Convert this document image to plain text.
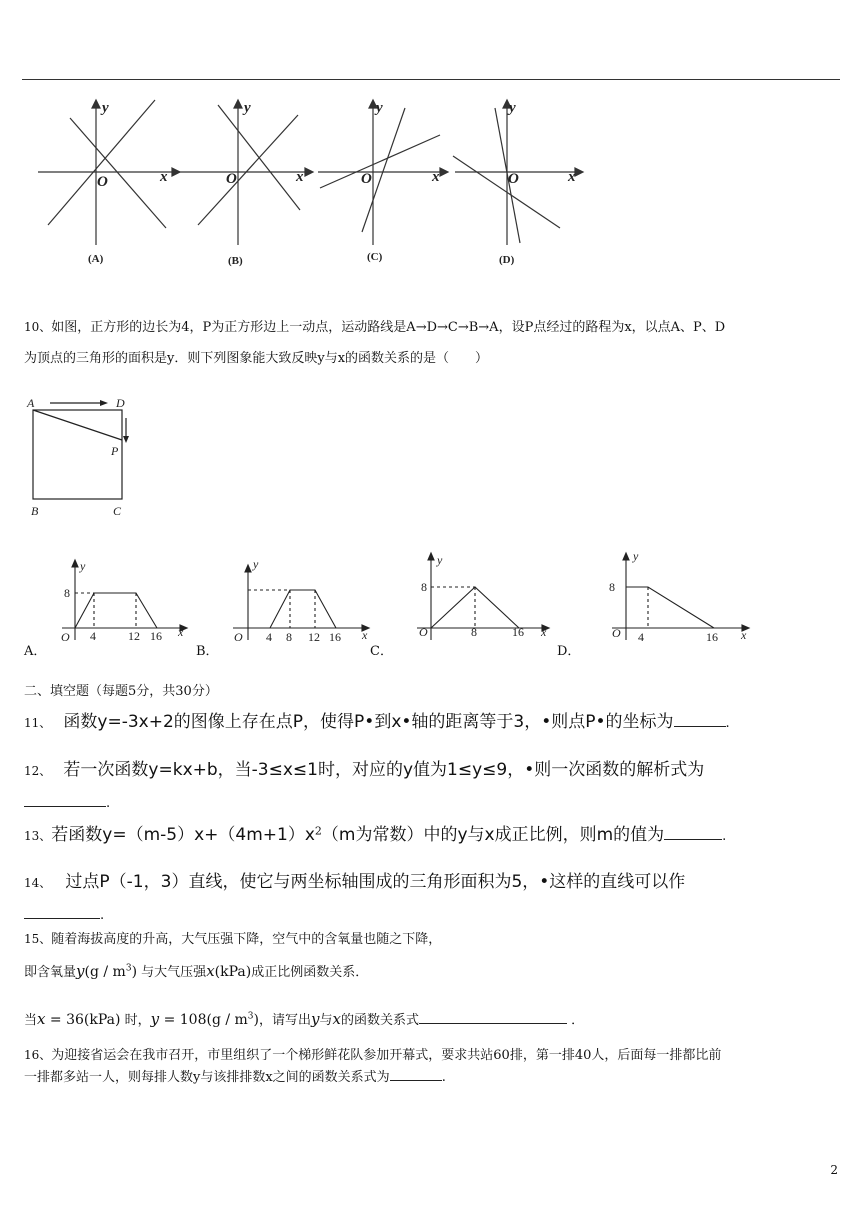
y
x
O
y
x
O
y
x
O
y
x
O
(A)	(B)	(C)	(D)
10、如图，正方形的边长为4，P为正方形边上一动点，运动路线是A→D→C→B→A，设P点经过的路程为x，以点A、P、D
为顶点的三角形的面积是y．则下列图象能大致反映y与x的函数关系的是（　　）
A	D
P
B	C
y
x
O
8
4	12 16
y
x
O 4 8 12 16
y
x
O
8
8	16
y
x
O
8
4	16
A．	B．	C．	D．
二、填空题（每题5分，共30分）
11、 函数y=-3x+2的图像上存在点P，使得P•到x•轴的距离等于3，•则点P•的坐标为	.
12、 若一次函数y=kx+b，当-3≤x≤1时，对应的y值为1≤y≤9，•则一次函数的解析式为
.
13、若函数$y=(m-5)x+(4m+1)x^2(m$为常数）中的y与x成正比例，则m的值为	.
14、 过点P（-1，3）直线，使它与两坐标轴围成的三角形面积为5，•这样的直线可以作
.
15、随着海拔高度的升高，大气压强下降，空气中的含氧量也随之下降，
即含氧量$y(g / m^3)$ 与大气压强x(kPa)成正比例函数关系．
当x = 36(kPa) 时，$y = 108(g / m^3)$，请写出y与x的函数关系式	．
16、为迎接省运会在我市召开，市里组织了一个梯形鲜花队参加开幕式，要求共站60排，第一排40人，后面每一排都比前
一排都多站一人，则每排人数y与该排排数x之间的函数关系式为	.
2
